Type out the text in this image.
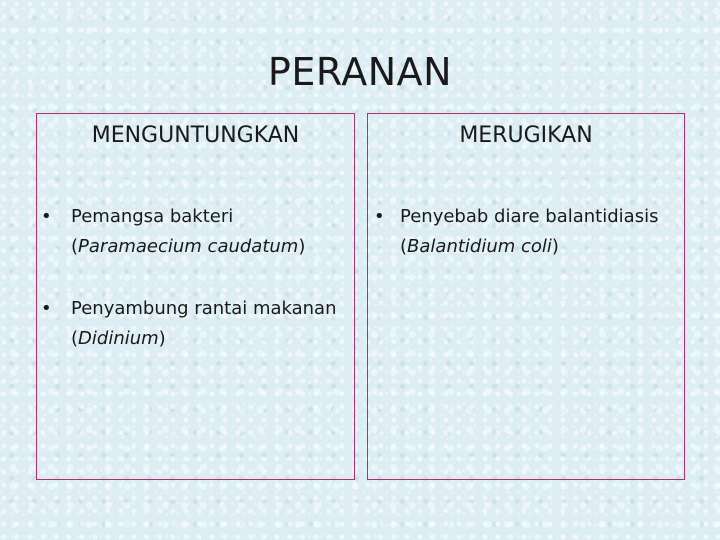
PERANAN
MENGUNTUNGKAN
• Pemangsa bakteri
(Paramaecium caudatum)
• Penyambung rantai makanan
(Didinium)
MERUGIKAN
• Penyebab diare balantidiasis
(Balantidium coli)
